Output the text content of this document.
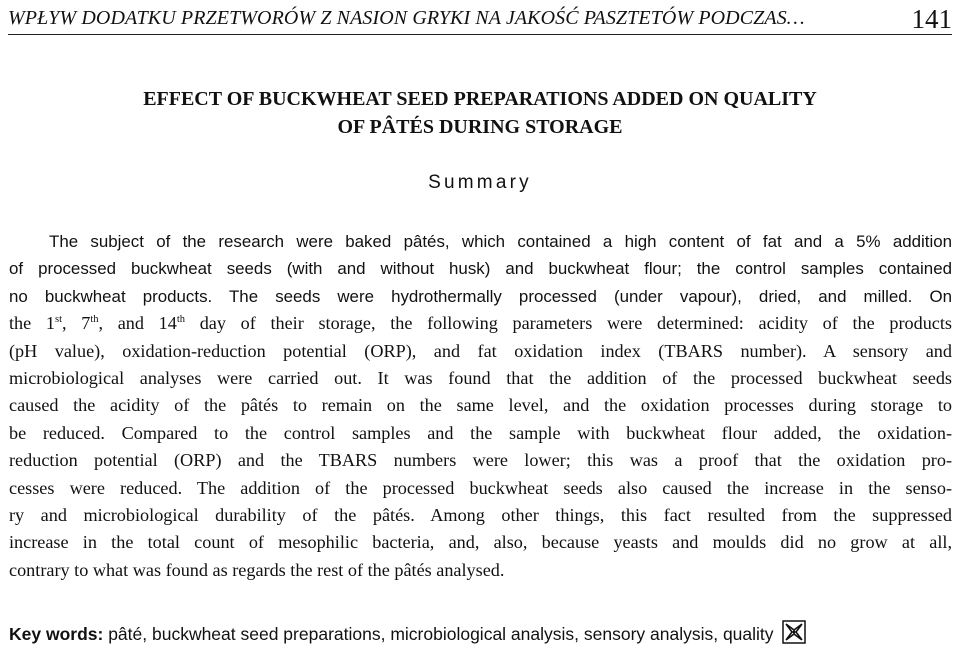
WPŁYW DODATKU PRZETWORÓW Z NASION GRYKI NA JAKOŚĆ PASZTETÓW PODCZAS…	141
EFFECT OF BUCKWHEAT SEED PREPARATIONS ADDED ON QUALITY
OF PÂTÉS DURING STORAGE
Summary
The subject of the research were baked pâtés, which contained a high content of fat and a 5% addition
of processed buckwheat seeds (with and without husk) and buckwheat flour; the control samples contained
no buckwheat products. The seeds were hydrothermally processed (under vapour), dried, and milled. On
the 1st, 7th, and 14th day of their storage, the following parameters were determined: acidity of the products
(pH value), oxidation-reduction potential (ORP), and fat oxidation index (TBARS number). A sensory and
microbiological analyses were carried out. It was found that the addition of the processed buckwheat seeds
caused the acidity of the pâtés to remain on the same level, and the oxidation processes during storage to
be reduced. Compared to the control samples and the sample with buckwheat flour added, the oxidation-
reduction potential (ORP) and the TBARS numbers were lower; this was a proof that the oxidation pro-
cesses were reduced. The addition of the processed buckwheat seeds also caused the increase in the senso-
ry and microbiological durability of the pâtés. Among other things, this fact resulted from the suppressed
increase in the total count of mesophilic bacteria, and, also, because yeasts and moulds did no grow at all,
contrary to what was found as regards the rest of the pâtés analysed.
Key words: pâté, buckwheat seed preparations, microbiological analysis, sensory analysis, quality
